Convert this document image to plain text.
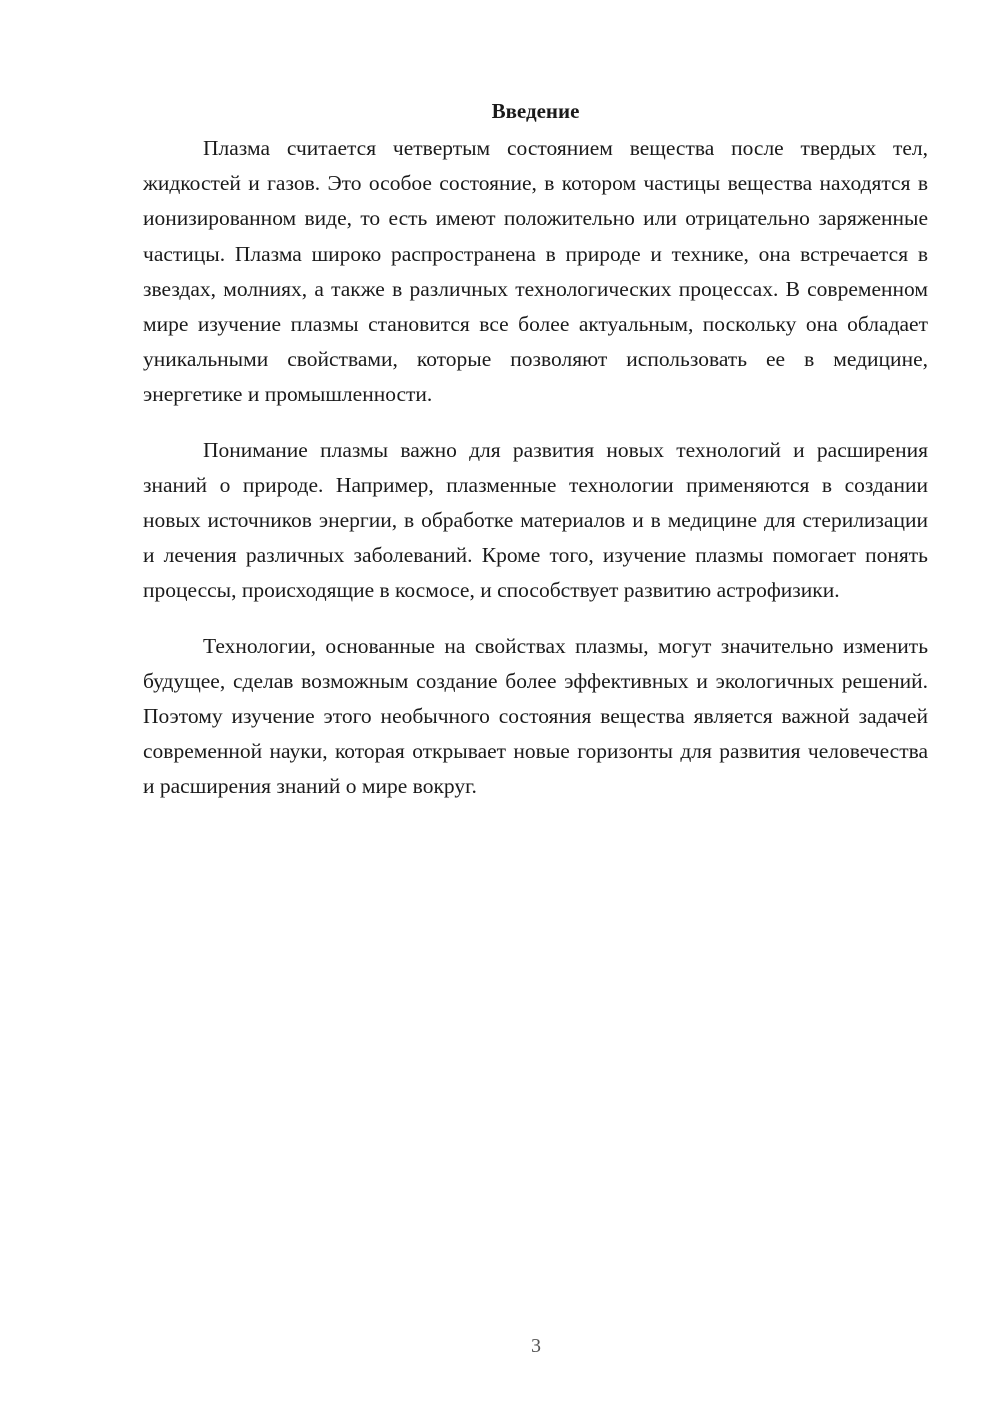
Введение

Плазма считается четвертым состоянием вещества после твердых тел, жидкостей и газов. Это особое состояние, в котором частицы вещества находятся в ионизированном виде, то есть имеют положительно или отрицательно заряженные частицы. Плазма широко распространена в природе и технике, она встречается в звездах, молниях, а также в различных технологических процессах. В современном мире изучение плазмы становится все более актуальным, поскольку она обладает уникальными свойствами, которые позволяют использовать ее в медицине, энергетике и промышленности.

Понимание плазмы важно для развития новых технологий и расширения знаний о природе. Например, плазменные технологии применяются в создании новых источников энергии, в обработке материалов и в медицине для стерилизации и лечения различных заболеваний. Кроме того, изучение плазмы помогает понять процессы, происходящие в космосе, и способствует развитию астрофизики.

Технологии, основанные на свойствах плазмы, могут значительно изменить будущее, сделав возможным создание более эффективных и экологичных решений. Поэтому изучение этого необычного состояния вещества является важной задачей современной науки, которая открывает новые горизонты для развития человечества и расширения знаний о мире вокруг.

3
